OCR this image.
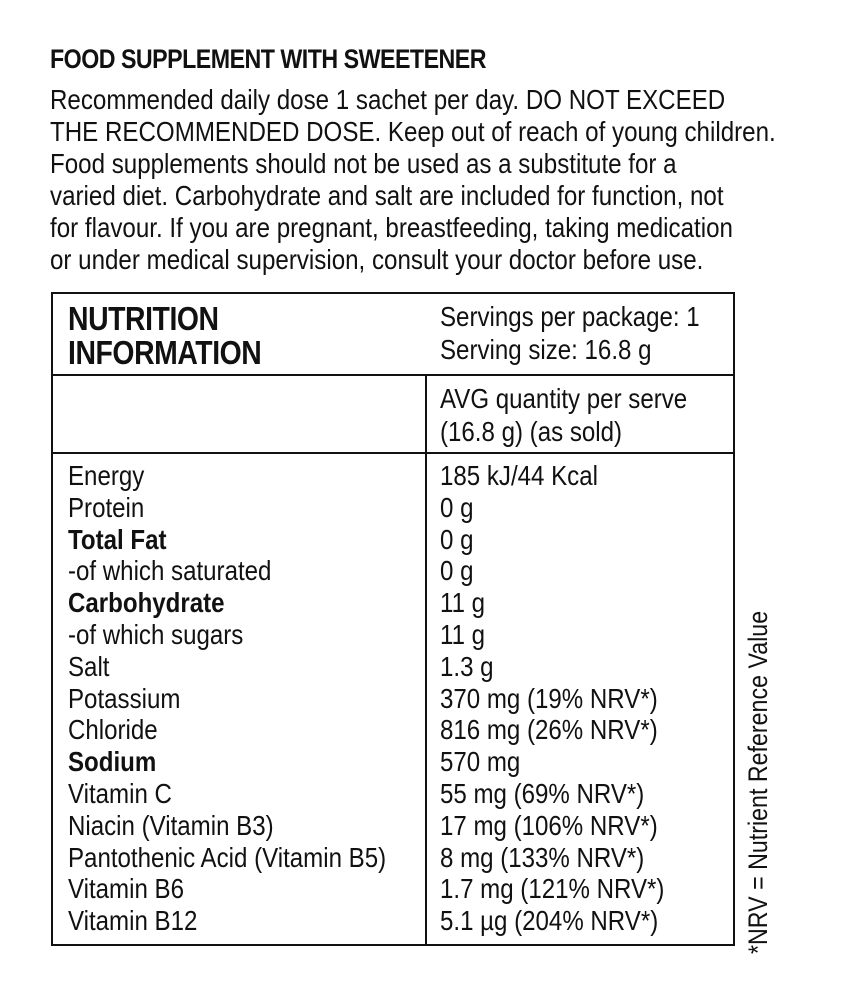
FOOD SUPPLEMENT WITH SWEETENER
Recommended daily dose 1 sachet per day. DO NOT EXCEED
THE RECOMMENDED DOSE. Keep out of reach of young children.
Food supplements should not be used as a substitute for a
varied diet. Carbohydrate and salt are included for function, not
for flavour. If you are pregnant, breastfeeding, taking medication
or under medical supervision, consult your doctor before use.
NUTRITION
INFORMATION
Servings per package: 1
Serving size: 16.8 g
AVG quantity per serve
(16.8 g) (as sold)
Energy
Protein
Total Fat
-of which saturated
Carbohydrate
-of which sugars
Salt
Potassium
Chloride
Sodium
Vitamin C
Niacin (Vitamin B3)
Pantothenic Acid (Vitamin B5)
Vitamin B6
Vitamin B12
185 kJ/44 Kcal
0 g
0 g
0 g
11 g
11 g
1.3 g
370 mg (19% NRV*)
816 mg (26% NRV*)
570 mg
55 mg (69% NRV*)
17 mg (106% NRV*)
8 mg (133% NRV*)
1.7 mg (121% NRV*)
5.1 µg (204% NRV*)	*NRV = Nutrient Reference Value
